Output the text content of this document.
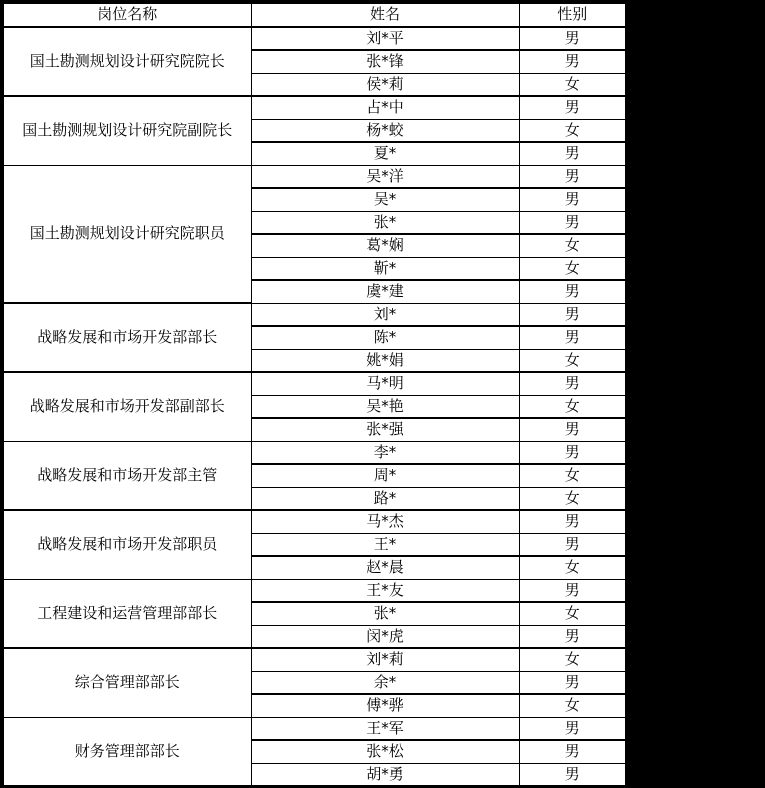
岗位名称	姓名	性别
国土勘测规划设计研究院院长	刘*平	男
	张*锋	男
	侯*莉	女
国土勘测规划设计研究院副院长	占*中	男
	杨*蛟	女
	夏*	男
国土勘测规划设计研究院职员	吴*洋	男
	吴*	男
	张*	男
	葛*娴	女
	靳*	女
	虞*建	男
战略发展和市场开发部部长	刘*	男
	陈*	男
	姚*娟	女
战略发展和市场开发部副部长	马*明	男
	吴*艳	女
	张*强	男
战略发展和市场开发部主管	李*	男
	周*	女
	路*	女
战略发展和市场开发部职员	马*杰	男
	王*	男
	赵*晨	女
工程建设和运营管理部部长	王*友	男
	张*	女
	闵*虎	男
综合管理部部长	刘*莉	女
	余*	男
	傅*骅	女
财务管理部部长	王*军	男
	张*松	男
	胡*勇	男
